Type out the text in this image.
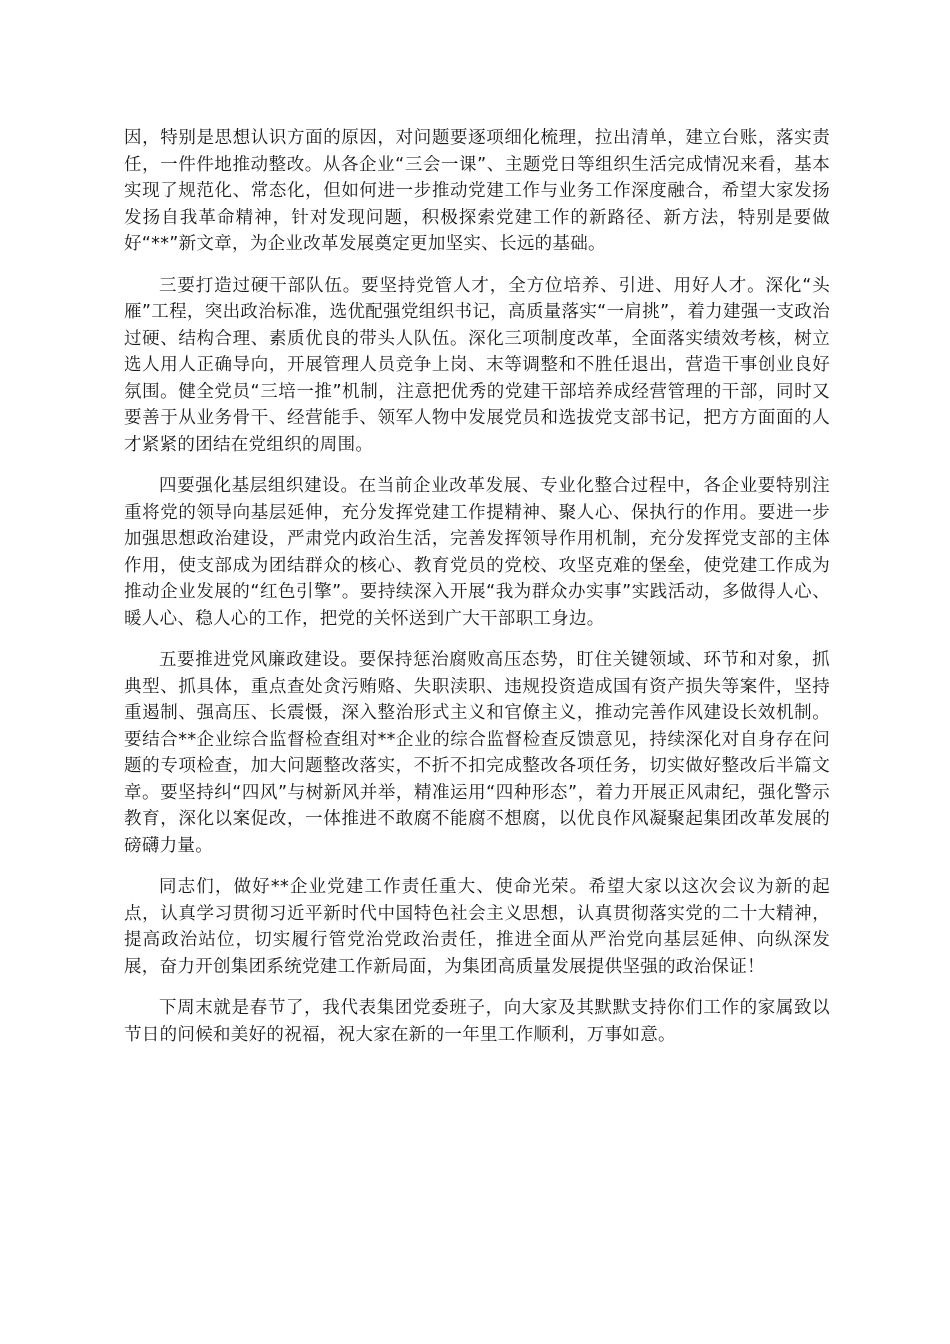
因，特别是思想认识方面的原因，对问题要逐项细化梳理，拉出清单，建立台账，落实责任，一件件地推动整改。从各企业“三会一课”、主题党日等组织生活完成情况来看，基本实现了规范化、常态化，但如何进一步推动党建工作与业务工作深度融合，希望大家发扬发扬自我革命精神，针对发现问题，积极探索党建工作的新路径、新方法，特别是要做好“**”新文章，为企业改革发展奠定更加坚实、长远的基础。

三要打造过硬干部队伍。要坚持党管人才，全方位培养、引进、用好人才。深化“头雁”工程，突出政治标准，选优配强党组织书记，高质量落实“一肩挑”，着力建强一支政治过硬、结构合理、素质优良的带头人队伍。深化三项制度改革，全面落实绩效考核，树立选人用人正确导向，开展管理人员竞争上岗、末等调整和不胜任退出，营造干事创业良好氛围。健全党员“三培一推”机制，注意把优秀的党建干部培养成经营管理的干部，同时又要善于从业务骨干、经营能手、领军人物中发展党员和选拔党支部书记，把方方面面的人才紧紧的团结在党组织的周围。

四要强化基层组织建设。在当前企业改革发展、专业化整合过程中，各企业要特别注重将党的领导向基层延伸，充分发挥党建工作提精神、聚人心、保执行的作用。要进一步加强思想政治建设，严肃党内政治生活，完善发挥领导作用机制，充分发挥党支部的主体作用，使支部成为团结群众的核心、教育党员的党校、攻坚克难的堡垒，使党建工作成为推动企业发展的“红色引擎”。要持续深入开展“我为群众办实事”实践活动，多做得人心、暖人心、稳人心的工作，把党的关怀送到广大干部职工身边。

五要推进党风廉政建设。要保持惩治腐败高压态势，盯住关键领域、环节和对象，抓典型、抓具体，重点查处贪污贿赂、失职渎职、违规投资造成国有资产损失等案件，坚持重遏制、强高压、长震慑，深入整治形式主义和官僚主义，推动完善作风建设长效机制。要结合**企业综合监督检查组对**企业的综合监督检查反馈意见，持续深化对自身存在问题的专项检查，加大问题整改落实，不折不扣完成整改各项任务，切实做好整改后半篇文章。要坚持纠“四风”与树新风并举，精准运用“四种形态”，着力开展正风肃纪，强化警示教育，深化以案促改，一体推进不敢腐不能腐不想腐，以优良作风凝聚起集团改革发展的磅礴力量。

同志们，做好**企业党建工作责任重大、使命光荣。希望大家以这次会议为新的起点，认真学习贯彻习近平新时代中国特色社会主义思想，认真贯彻落实党的二十大精神，提高政治站位，切实履行管党治党政治责任，推进全面从严治党向基层延伸、向纵深发展，奋力开创集团系统党建工作新局面，为集团高质量发展提供坚强的政治保证！

下周末就是春节了，我代表集团党委班子，向大家及其默默支持你们工作的家属致以节日的问候和美好的祝福，祝大家在新的一年里工作顺利，万事如意。
